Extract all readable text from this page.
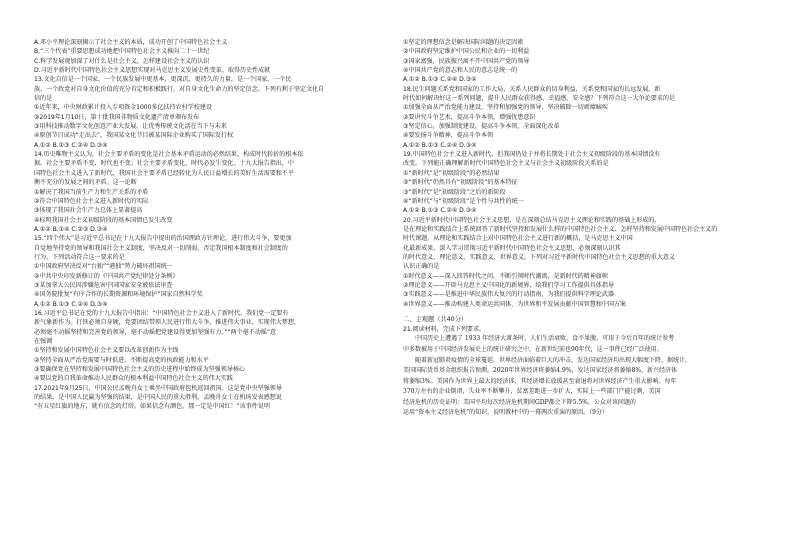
A.邓小平理论深刻揭示了社会主义的本质，成功开创了中国特色社会主义
B.“三个代表”重要思想成功地把中国特色社会主义推向二十一世纪
C.科学发展观加深了对什么是社会主义，怎样建设社会主义的认识
D.习近平新时代中国特色社会主义思想实现对马克思主义发展史性变革，取得历史性成就
13.文化自信是一个国家、一个民族发展中更基本、更深沉、更持久的力量，是一个国家、一个民
族、一个政党对自身文化价值的充分肯定和积极践行，对自身文化生命力的坚定信念。下列有利于坚定文化自
信的是
①近年来，中央财政累计投入专项资金1000多亿扶持农村学校建设
②2019年1月10日，第十批我国非物质文化遗产清单颁布发布
③用科技推动数字文化创意产业大发展，让优秀传统文化活在当下与未来
④原创节目成功“走出去”，我国某文化节目被某国际企业购买了国际发行权
A.①② B.①③ C.②④ D.③④
14.历史唯物主义认为，社会主要矛盾的变化是社会基本矛盾运动的必然结果，构成时代转折的根本依
据。社会主要矛盾不变，时代也不变；社会主要矛盾变化，时代必发生变化。十九大报告指出，中
国特色社会主义进入了新时代，我国社会主要矛盾已经转化为人民日益增长的美好生活需要和不平
衡不充分的发展之间的矛盾。这一论断
①解决了我国当前生产力和生产关系的矛盾
②符合中国特色社会主义进入新时代的实际
③体现了我国社会生产力总体上显著提高
④标明我国社会主义初级阶段的基本国情已发生改变
A.①② B.①④ C.②③ D.③④
15.“四个伟大”是习近平总书记在十九大报告中提出的治国理政方针理论，进行伟大斗争，要更加
自觉地坚持党的领导和我国社会主义制度，坚决反对一切削弱、否定我国根本制度和社会制度的
行为。下列活动符合这一要求的是
①中国政府坚决反对“台独”“港独”势力破坏祖国统一
②中共中央印发新修订的《中国共产党纪律处分条例》
③某加拿大公民因涉嫌危害中国国家安全被依法审查
④国务院批复“有序合作的长期资源和环境保护”国家自然科学奖
A.①② B.①③ C.②④ D.③④
16.习近平总书记在党的十九大报告中指出：“中国特色社会主义进入了新时代，我们党一定要有
新气象新作为。打铁必须自身硬，党要团结带领人民进行伟大斗争、推进伟大事业、实现伟大梦想，
必须毫不动摇坚持和完善党的领导，毫不动摇把党建设得更加坚强有力。”“两个毫不动摇”意
在强调
①坚持和发展中国特色社会主义要以改革创新作为主线
②坚持全面从严治党需要与时俱进，不断提高党的执政能力和水平
③要确保党在坚持和发展中国特色社会主义的历史进程中始终成为坚强领导核心
④要以党的自我革命推动人民群众的根本利益中国特色社会主义的伟大实践
17.2021年9月25日，中国公民孟晚舟女士乘坐中国政府包机返回祖国。这是党中央坚强领导
的结果，是中国人民赢为坚强的结果，是中国人民的重大胜利。孟晚舟女士在机场发表感想说
“有五星红旗的地方，就有信念的灯塔。如果信念有颜色，那一定是中国红！”该事件说明
①坚定的理想信念是解决国际问题的决定因素
②中国政府坚定维护中国公民和企业的一切利益
③国家富强，民族振兴离不开中国共产党的领导
④中国共产党的意志和人民的意志是统一的
A.①② B.①③ C.②④ D.③④
18.民生问题关系党和国家的工作大局，关系人民群众的切身利益，关系党和国家的长远发展，新
时代如何解决好这一系列问题，提升人民群众获得感、幸福感、安全感？下列符合这一大争论要求的是
①加强全面从严治党能力建设，坚持和加强党的领导，坚决破除一切顽瘴痼疾
②要讲究斗争艺术，提高斗争本领，增强忧患意识
③坚定信心，加强制度建设，提高斗争本领，全面深化改革
④要发扬斗争精神，提高斗争本领
A.①② B.①③ C.②④ D.③④
19.中国特色社会主义进入新时代，但我国仍处于并将长期处于社会主义初级阶段的基本国情没有
改变。下列能正确理解新时代中国特色社会主义与社会主义初级阶段关系的是
①“新时代”是“初级阶段”的必然结果
②“新时代”仍然具有“初级阶段”的基本特征
③“新时代”是“初级阶段”之后的新阶段
④“新时代”与“初级阶段”是个性与共性的统一
A.①② B.①③ C.②④ D.③④
20.习近平新时代中国特色社会主义思想，是在深刻总结马克思主义理论和实践的基础上形成的，
是在理论和实践结合上系统回答了新时代坚持和发展什么样的中国特色社会主义、怎样坚持和发展中国特色社会主义的
时代课题，从理论和实践结合上对中国特色社会主义进行新的概括，是马克思主义中国
化最新成果，深入学习贯彻习近平新时代中国特色社会主义思想，必须深刻认识其
的时代意义、理论意义、实践意义、世界意义。下列对习近平新时代中国特色社会主义思想的重大意义
认识正确的是
①时代意义——深入回答时代之问，不断引领时代潮流，是新时代的精神旗帜
②理论意义——开辟马克思主义中国化的新境界，给我们学习工作提供具体指导
③实践意义——是推进中华民族伟大复兴的行动指南，为我们提供科学理论武器
④世界意义——推动构建人类命运共同体，为世界和平发展贡献中国智慧和中国方案
二、主观题（共40分）
21.阅读材料，完成下列要求。
中国历史上遭遇了 1933 年经济大萧条时，人们生活衰败，食不果腹，可用于今后百年的统计参考
中多数被用于中国经济发展史上的统计研究之中，在新世纪前也90年代，这一事件已经广泛使用。
随着新冠肺炎疫情的全球蔓延，世界经济面临着巨大的冲击，发达国家经济均出现大幅度下降，据统计，
美国国际货币基金组织报告预测，2020年世界经济将萎缩4.9%，发达国家经济将萎缩8%，新兴经济体
将萎缩3%。美国作为世界上最大的经济体，其经济增长放缓甚至衰退将对世界经济产生重大影响。每年
370万左右的企业倒闭，失业率不断攀升，贫富差距进一步扩大，实际上一些部门产能过剩，美国
经济危机的历史证明：美国平均每次经济危机期间GDP都会下降5.5%，公众对该问题的
运用“资本主义经济危机”的知识，说明教材中的一幕两次重演的原因。（9分）
